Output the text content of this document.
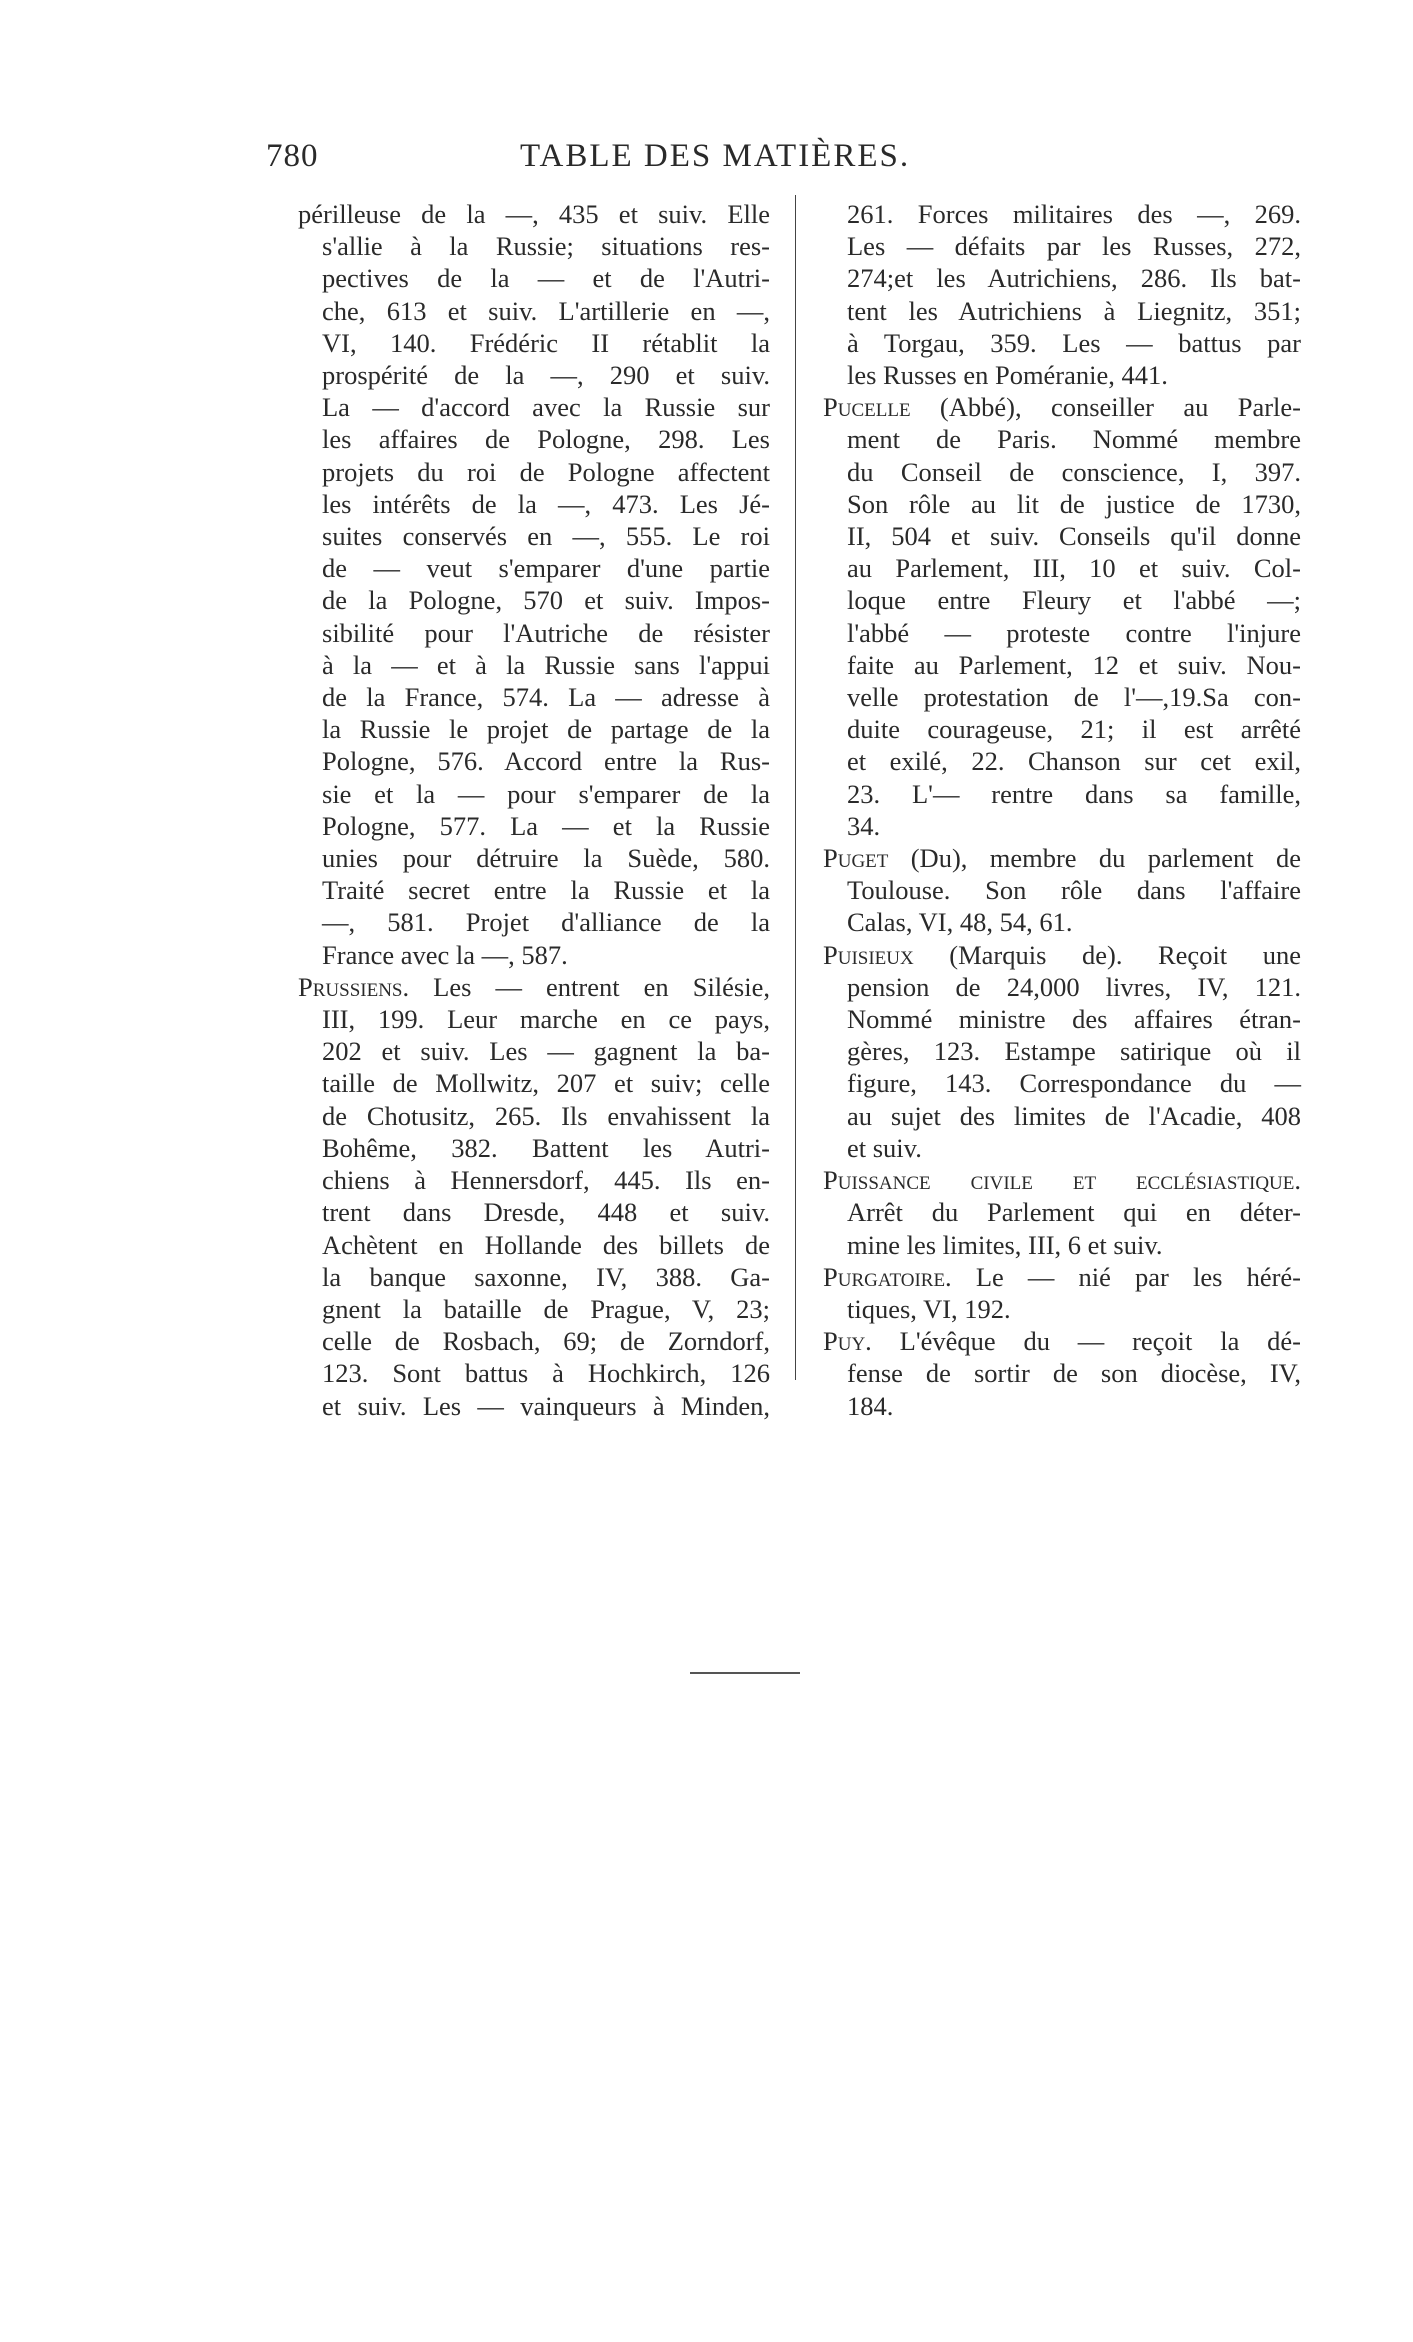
780	TABLE DES MATIÈRES.
périlleuse de la —, 435 et suiv. Elle
s'allie à la Russie; situations res-
pectives de la — et de l'Autri-
che, 613 et suiv. L'artillerie en —,
VI, 140. Frédéric II rétablit la
prospérité de la —, 290 et suiv.
La — d'accord avec la Russie sur
les affaires de Pologne, 298. Les
projets du roi de Pologne affectent
les intérêts de la —, 473. Les Jé-
suites conservés en —, 555. Le roi
de — veut s'emparer d'une partie
de la Pologne, 570 et suiv. Impos-
sibilité pour l'Autriche de résister
à la — et à la Russie sans l'appui
de la France, 574. La — adresse à
la Russie le projet de partage de la
Pologne, 576. Accord entre la Rus-
sie et la — pour s'emparer de la
Pologne, 577. La — et la Russie
unies pour détruire la Suède, 580.
Traité secret entre la Russie et la
—, 581. Projet d'alliance de la
France avec la —, 587.
Prussiens. Les — entrent en Silésie,
III, 199. Leur marche en ce pays,
202 et suiv. Les — gagnent la ba-
taille de Mollwitz, 207 et suiv; celle
de Chotusitz, 265. Ils envahissent la
Bohême, 382. Battent les Autri-
chiens à Hennersdorf, 445. Ils en-
trent dans Dresde, 448 et suiv.
Achètent en Hollande des billets de
la banque saxonne, IV, 388. Ga-
gnent la bataille de Prague, V, 23;
celle de Rosbach, 69; de Zorndorf,
123. Sont battus à Hochkirch, 126
et suiv. Les — vainqueurs à Minden,
261. Forces militaires des —, 269.
Les — défaits par les Russes, 272,
274;et les Autrichiens, 286. Ils bat-
tent les Autrichiens à Liegnitz, 351;
à Torgau, 359. Les — battus par
les Russes en Poméranie, 441.
Pucelle (Abbé), conseiller au Parle-
ment de Paris. Nommé membre
du Conseil de conscience, I, 397.
Son rôle au lit de justice de 1730,
II, 504 et suiv. Conseils qu'il donne
au Parlement, III, 10 et suiv. Col-
loque entre Fleury et l'abbé —;
l'abbé — proteste contre l'injure
faite au Parlement, 12 et suiv. Nou-
velle protestation de l'—,19.Sa con-
duite courageuse, 21; il est arrêté
et exilé, 22. Chanson sur cet exil,
23. L'— rentre dans sa famille,
34.
Puget (Du), membre du parlement de
Toulouse. Son rôle dans l'affaire
Calas, VI, 48, 54, 61.
Puisieux (Marquis de). Reçoit une
pension de 24,000 livres, IV, 121.
Nommé ministre des affaires étran-
gères, 123. Estampe satirique où il
figure, 143. Correspondance du —
au sujet des limites de l'Acadie, 408
et suiv.
Puissance civile et ecclésiastique.
Arrêt du Parlement qui en déter-
mine les limites, III, 6 et suiv.
Purgatoire. Le — nié par les héré-
tiques, VI, 192.
Puy. L'évêque du — reçoit la dé-
fense de sortir de son diocèse, IV,
184.
